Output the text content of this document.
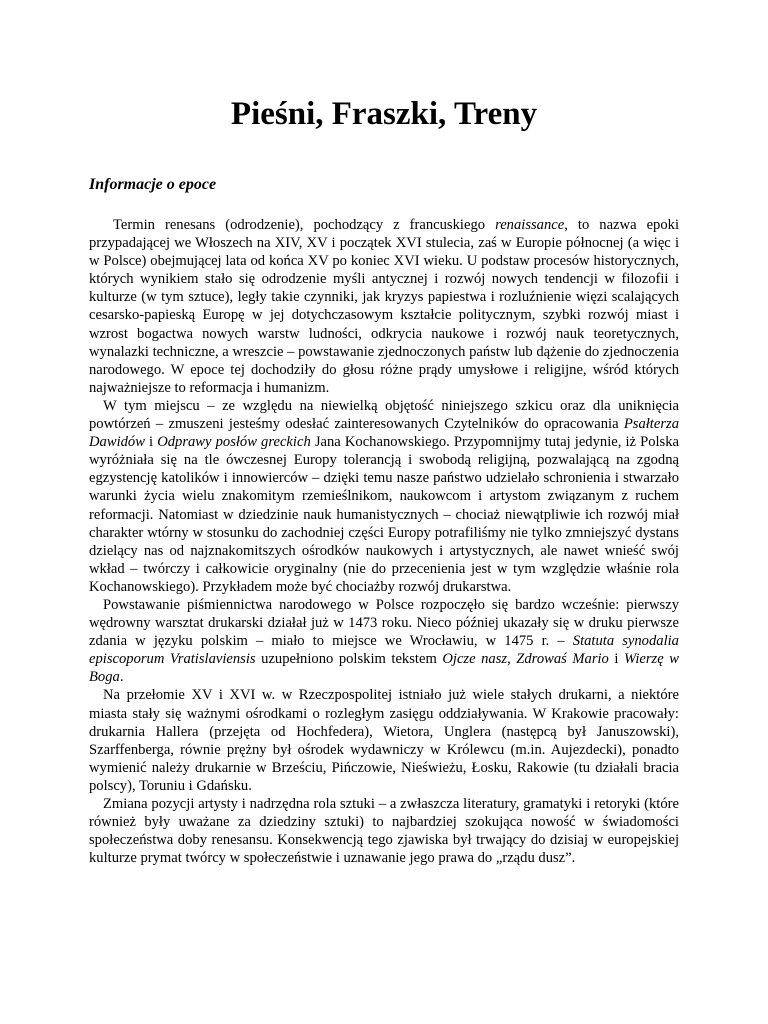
Pieśni, Fraszki, Treny
Informacje o epoce

Termin renesans (odrodzenie), pochodzący z francuskiego renaissance, to nazwa epoki przypadającej we Włoszech na XIV, XV i początek XVI stulecia, zaś w Europie północnej (a więc i w Polsce) obejmującej lata od końca XV po koniec XVI wieku. U podstaw procesów historycznych, których wynikiem stało się odrodzenie myśli antycznej i rozwój nowych tendencji w filozofii i kulturze (w tym sztuce), legły takie czynniki, jak kryzys papiestwa i rozluźnienie więzi scalających cesarsko-papieską Europę w jej dotychczasowym kształcie politycznym, szybki rozwój miast i wzrost bogactwa nowych warstw ludności, odkrycia naukowe i rozwój nauk teoretycznych, wynalazki techniczne, a wreszcie – powstawanie zjednoczonych państw lub dążenie do zjednoczenia narodowego. W epoce tej dochodziły do głosu różne prądy umysłowe i religijne, wśród których najważniejsze to reformacja i humanizm.

W tym miejscu – ze względu na niewielką objętość niniejszego szkicu oraz dla uniknięcia powtórzeń – zmuszeni jesteśmy odesłać zainteresowanych Czytelników do opracowania Psałterza Dawidów i Odprawy posłów greckich Jana Kochanowskiego. Przypomnijmy tutaj jedynie, iż Polska wyróżniała się na tle ówczesnej Europy tolerancją i swobodą religijną, pozwalającą na zgodną egzystencję katolików i innowierców – dzięki temu nasze państwo udzielało schronienia i stwarzało warunki życia wielu znakomitym rzemieślnikom, naukowcom i artystom związanym z ruchem reformacji. Natomiast w dziedzinie nauk humanistycznych – chociaż niewątpliwie ich rozwój miał charakter wtórny w stosunku do zachodniej części Europy potrafiliśmy nie tylko zmniejszyć dystans dzielący nas od najznakomitszych ośrodków naukowych i artystycznych, ale nawet wnieść swój wkład – twórczy i całkowicie oryginalny (nie do przecenienia jest w tym względzie właśnie rola Kochanowskiego). Przykładem może być chociażby rozwój drukarstwa.

Powstawanie piśmiennictwa narodowego w Polsce rozpoczęło się bardzo wcześnie: pierwszy wędrowny warsztat drukarski działał już w 1473 roku. Nieco później ukazały się w druku pierwsze zdania w języku polskim – miało to miejsce we Wrocławiu, w 1475 r. – Statuta synodalia episcoporum Vratislaviensis uzupełniono polskim tekstem Ojcze nasz, Zdrowaś Mario i Wierzę w Boga.

Na przełomie XV i XVI w. w Rzeczpospolitej istniało już wiele stałych drukarni, a niektóre miasta stały się ważnymi ośrodkami o rozległym zasięgu oddziaływania. W Krakowie pracowały: drukarnia Hallera (przejęta od Hochfedera), Wietora, Unglera (następcą był Januszowski), Szarffenberga, równie prężny był ośrodek wydawniczy w Królewcu (m.in. Aujezdecki), ponadto wymienić należy drukarnie w Brześciu, Pińczowie, Nieświeżu, Łosku, Rakowie (tu działali bracia polscy), Toruniu i Gdańsku.

Zmiana pozycji artysty i nadrzędna rola sztuki – a zwłaszcza literatury, gramatyki i retoryki (które również były uważane za dziedziny sztuki) to najbardziej szokująca nowość w świadomości społeczeństwa doby renesansu. Konsekwencją tego zjawiska był trwający do dzisiaj w europejskiej kulturze prymat twórcy w społeczeństwie i uznawanie jego prawa do „rządu dusz”.
